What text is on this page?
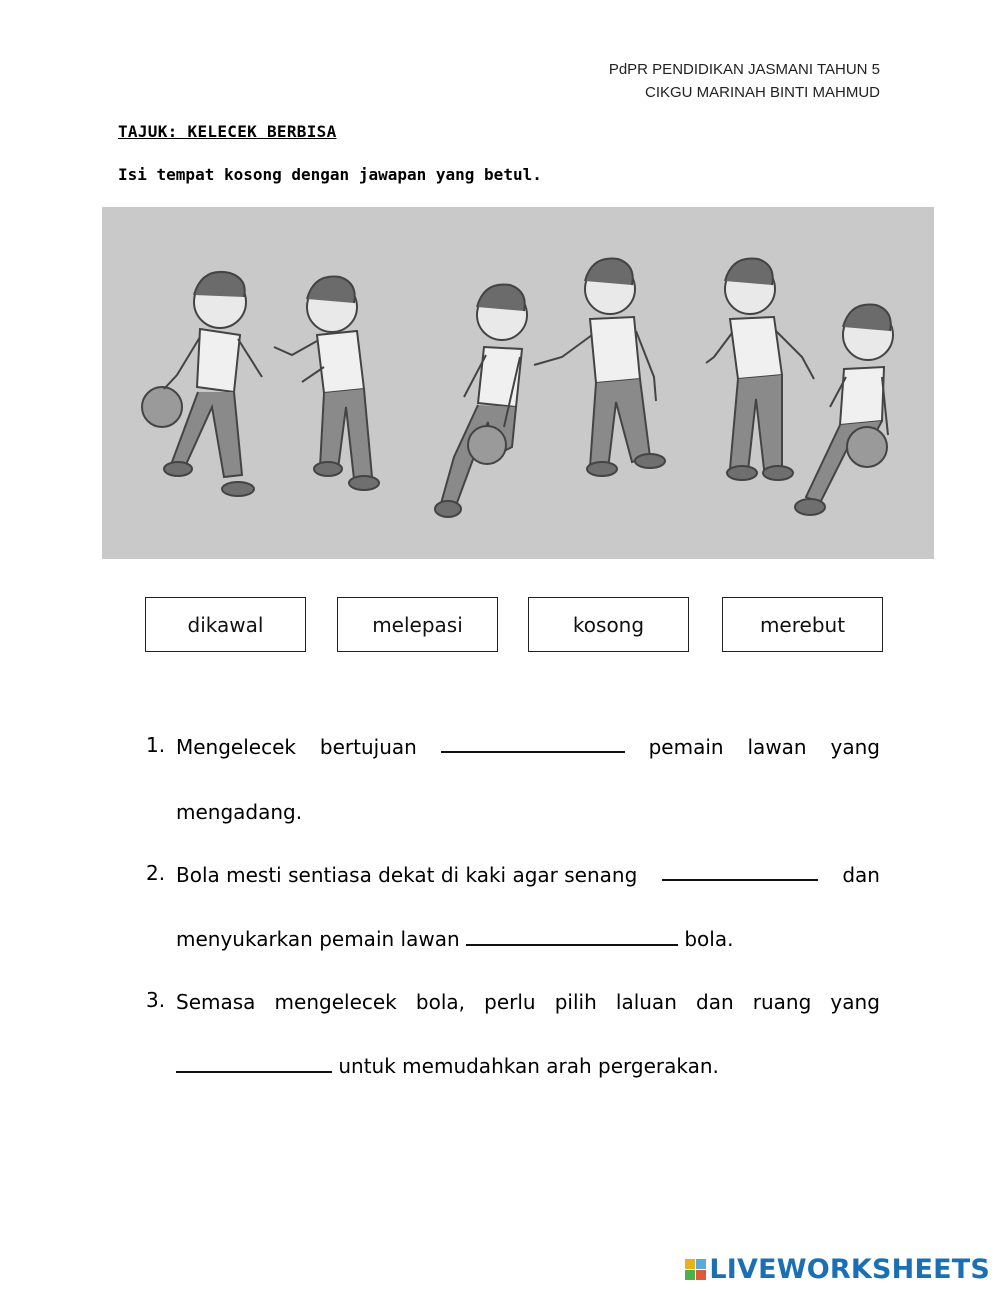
PdPR PENDIDIKAN JASMANI TAHUN 5
CIKGU MARINAH BINTI MAHMUD
TAJUK: KELECEK BERBISA
Isi tempat kosong dengan jawapan yang betul.
dikawal	melepasi	kosong	merebut
1. Mengelecek bertujuan	pemain lawan yang
mengadang.
2. Bola mesti sentiasa dekat di kaki agar senang	dan
menyukarkan pemain lawan	bola.
3. Semasa mengelecek bola, perlu pilih laluan dan ruang yang
untuk memudahkan arah pergerakan.
LIVEWORKSHEETS
